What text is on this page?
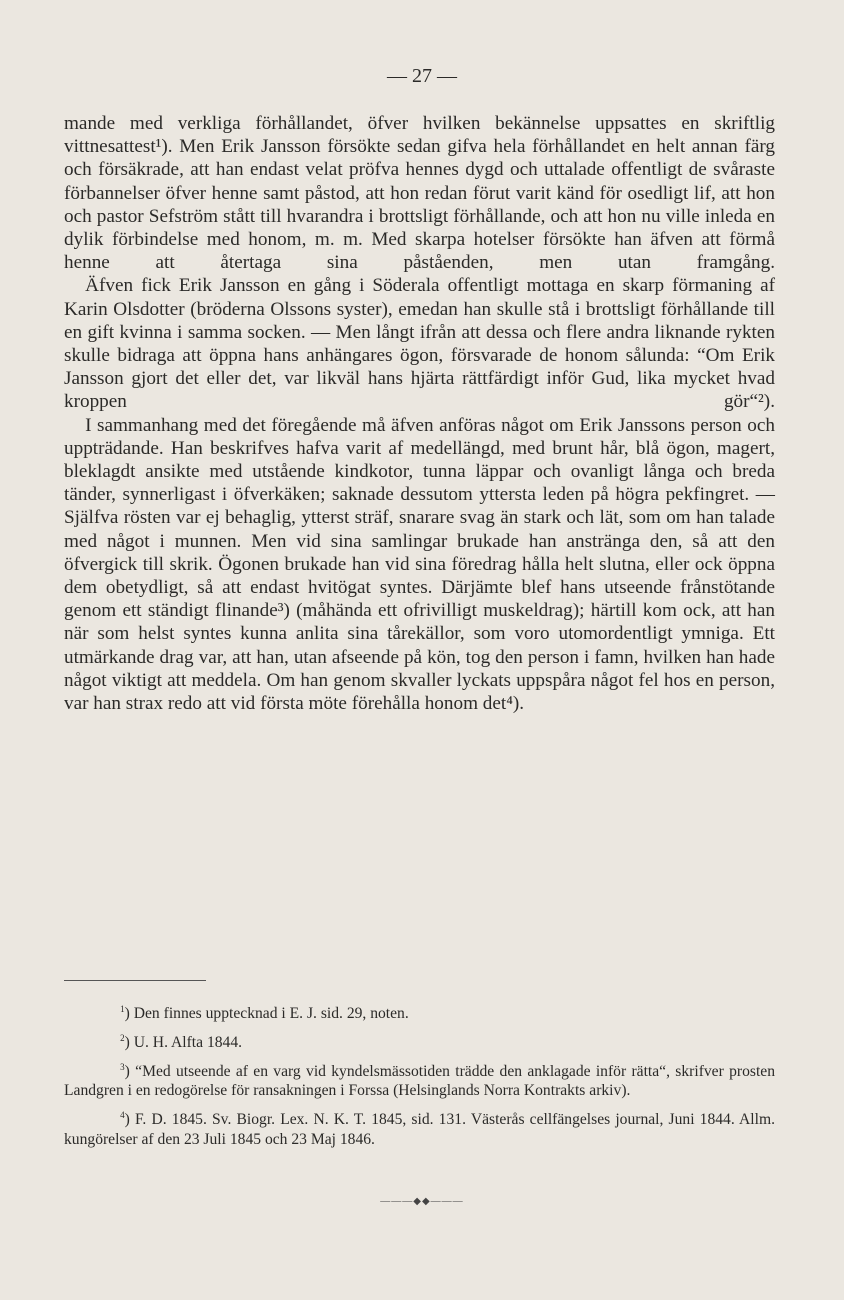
— 27 —

mande med verkliga förhållandet, öfver hvilken bekännelse uppsattes en skriftlig vittnesattest¹). Men Erik Jansson försökte sedan gifva hela förhållandet en helt annan färg och försäkrade, att han endast velat pröfva hennes dygd och uttalade offentligt de svåraste förbannelser öfver henne samt påstod, att hon redan förut varit känd för osedligt lif, att hon och pastor Sefström stått till hvarandra i brottsligt förhållande, och att hon nu ville inleda en dylik förbindelse med honom, m. m. Med skarpa hotelser försökte han äfven att förmå henne att återtaga sina påståenden, men utan framgång.

Äfven fick Erik Jansson en gång i Söderala offentligt mottaga en skarp förmaning af Karin Olsdotter (bröderna Olssons syster), emedan han skulle stå i brottsligt förhållande till en gift kvinna i samma socken. — Men långt ifrån att dessa och flere andra liknande rykten skulle bidraga att öppna hans anhängares ögon, försvarade de honom sålunda: “Om Erik Jansson gjort det eller det, var likväl hans hjärta rättfärdigt inför Gud, lika mycket hvad kroppen gör“²).

I sammanhang med det föregående må äfven anföras något om Erik Janssons person och uppträdande. Han beskrifves hafva varit af medellängd, med brunt hår, blå ögon, magert, bleklagdt ansikte med utstående kindkotor, tunna läppar och ovanligt långa och breda tänder, synnerligast i öfverkäken; saknade dessutom yttersta leden på högra pekfingret. — Själfva rösten var ej behaglig, ytterst sträf, snarare svag än stark och lät, som om han talade med något i munnen. Men vid sina samlingar brukade han anstränga den, så att den öfvergick till skrik. Ögonen brukade han vid sina föredrag hålla helt slutna, eller ock öppna dem obetydligt, så att endast hvitögat syntes. Därjämte blef hans utseende frånstötande genom ett ständigt flinande³) (måhända ett ofrivilligt muskeldrag); härtill kom ock, att han när som helst syntes kunna anlita sina tårekällor, som voro utomordentligt ymniga. Ett utmärkande drag var, att han, utan afseende på kön, tog den person i famn, hvilken han hade något viktigt att meddela. Om han genom skvaller lyckats uppspåra något fel hos en person, var han strax redo att vid första möte förehålla honom det⁴).

$^1$) Den finnes upptecknad i E. J. sid. 29, noten.

$^2$) U. H. Alfta 1844.

$^3$) “Med utseende af en varg vid kyndelsmässotiden trädde den anklagade inför rätta“, skrifver prosten Landgren i en redogörelse för ransakningen i Forssa (Helsinglands Norra Kontrakts arkiv).

$^4$) F. D. 1845. Sv. Biogr. Lex. N. K. T. 1845, sid. 131. Västerås cellfängelses journal, Juni 1844. Allm. kungörelser af den 23 Juli 1845 och 23 Maj 1846.

———◆◆———
